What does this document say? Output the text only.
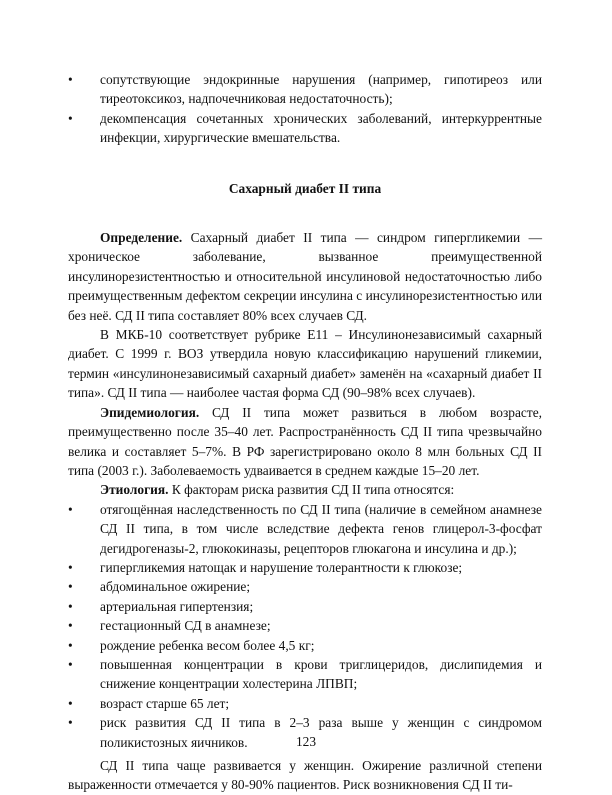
•	сопутствующие эндокринные нарушения (например, гипотиреоз или тиреотоксикоз, надпочечниковая недостаточность);
•	декомпенсация сочетанных хронических заболеваний, интеркуррентные инфекции, хирургические вмешательства.
Сахарный диабет II типа

Определение. Сахарный диабет II типа — синдром гипергликемии — хроническое заболевание, вызванное преимущественной инсулинорезистентностью и относительной инсулиновой недостаточностью либо преимущественным дефектом секреции инсулина с инсулинорезистентностью или без неё. СД II типа составляет 80% всех случаев СД.

В МКБ-10 соответствует рубрике Е11 – Инсулинонезависимый сахарный диабет. С 1999 г. ВОЗ утвердила новую классификацию нарушений гликемии, термин «инсулинонезависимый сахарный диабет» заменён на «сахарный диабет II типа». СД II типа — наиболее частая форма СД (90–98% всех случаев).

Эпидемиология. СД II типа может развиться в любом возрасте, преимущественно после 35–40 лет. Распространённость СД II типа чрезвычайно велика и составляет 5–7%. В РФ зарегистрировано около 8 млн больных СД II типа (2003 г.). Заболеваемость удваивается в среднем каждые 15–20 лет.

Этиология. К факторам риска развития СД II типа относятся:

•	отягощённая наследственность по СД II типа (наличие в семейном анамнезе СД II типа, в том числе вследствие дефекта генов глицерол-3-фосфат дегидрогеназы-2, глюкокиназы, рецепторов глюкагона и инсулина и др.);
•	гипергликемия натощак и нарушение толерантности к глюкозе;
•	абдоминальное ожирение;
•	артериальная гипертензия;
•	гестационный СД в анамнезе;
•	рождение ребенка весом более 4,5 кг;
•	повышенная концентрации в крови триглицеридов, дислипидемия и снижение концентрации холестерина ЛПВП;
•	возраст старше 65 лет;
•	риск развития СД II типа в 2–3 раза выше у женщин с синдромом поликистозных яичников.

СД II типа чаще развивается у женщин. Ожирение различной степени выраженности отмечается у 80-90% пациентов. Риск возникновения СД II ти-

123
